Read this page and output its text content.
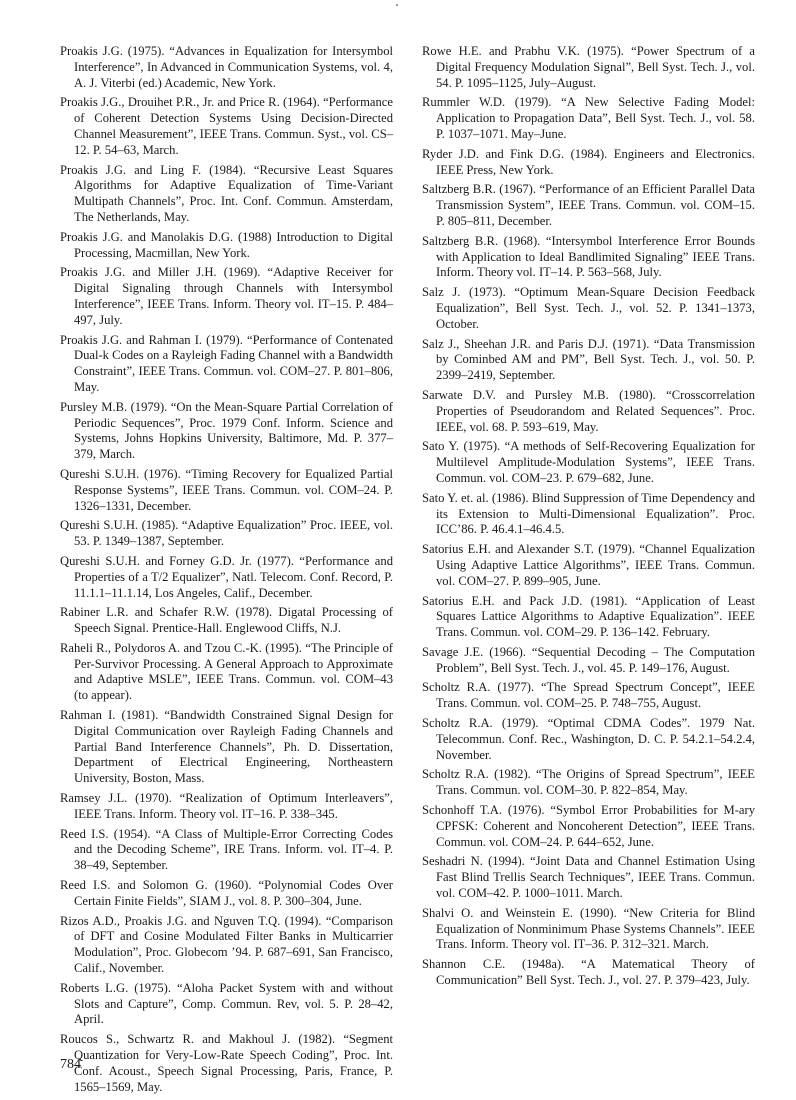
Proakis J.G. (1975). “Advances in Equalization for Intersymbol Interference”, In Advanced in Communication Systems, vol. 4, A. J. Viterbi (ed.) Academic, New York.

Proakis J.G., Drouihet P.R., Jr. and Price R. (1964). “Performance of Coherent Detection Systems Using Decision-Directed Channel Measurement”, IEEE Trans. Commun. Syst., vol. CS–12. P. 54–63, March.

Proakis J.G. and Ling F. (1984). “Recursive Least Squares Algorithms for Adaptive Equalization of Time-Variant Multipath Channels”, Proc. Int. Conf. Commun. Amsterdam, The Netherlands, May.

Proakis J.G. and Manolakis D.G. (1988) Introduction to Digital Processing, Macmillan, New York.

Proakis J.G. and Miller J.H. (1969). “Adaptive Receiver for Digital Signaling through Channels with Intersymbol Interference”, IEEE Trans. Inform. Theory vol. IT–15. P. 484–497, July.

Proakis J.G. and Rahman I. (1979). “Performance of Contenated Dual-k Codes on a Rayleigh Fading Channel with a Bandwidth Constraint”, IEEE Trans. Commun. vol. COM–27. P. 801–806, May.

Pursley M.B. (1979). “On the Mean-Square Partial Correlation of Periodic Sequences”, Proc. 1979 Conf. Inform. Science and Systems, Johns Hopkins University, Baltimore, Md. P. 377–379, March.

Qureshi S.U.H. (1976). “Timing Recovery for Equalized Partial Response Systems”, IEEE Trans. Commun. vol. COM–24. P. 1326–1331, December.

Qureshi S.U.H. (1985). “Adaptive Equalization” Proc. IEEE, vol. 53. P. 1349–1387, September.

Qureshi S.U.H. and Forney G.D. Jr. (1977). “Performance and Properties of a T/2 Equalizer”, Natl. Telecom. Conf. Record, P. 11.1.1–11.1.14, Los Angeles, Calif., December.

Rabiner L.R. and Schafer R.W. (1978). Digatal Processing of Speech Signal. Prentice-Hall. Englewood Cliffs, N.J.

Raheli R., Polydoros A. and Tzou C.-K. (1995). “The Principle of Per-Survivor Processing. A General Approach to Approximate and Adaptive MSLE”, IEEE Trans. Commun. vol. COM–43 (to appear).

Rahman I. (1981). “Bandwidth Constrained Signal Design for Digital Communication over Rayleigh Fading Channels and Partial Band Interference Channels”, Ph. D. Dissertation, Department of Electrical Engineering, Northeastern University, Boston, Mass.

Ramsey J.L. (1970). “Realization of Optimum Interleavers”, IEEE Trans. Inform. Theory vol. IT–16. P. 338–345.

Reed I.S. (1954). “A Class of Multiple-Error Correcting Codes and the Decoding Scheme”, IRE Trans. Inform. vol. IT–4. P. 38–49, September.

Reed I.S. and Solomon G. (1960). “Polynomial Codes Over Certain Finite Fields”, SIAM J., vol. 8. P. 300–304, June.

Rizos A.D., Proakis J.G. and Nguven T.Q. (1994). “Comparison of DFT and Cosine Modulated Filter Banks in Multicarrier Modulation”, Proc. Globecom ’94. P. 687–691, San Francisco, Calif., November.

Roberts L.G. (1975). “Aloha Packet System with and without Slots and Capture”, Comp. Commun. Rev, vol. 5. P. 28–42, April.

Roucos S., Schwartz R. and Makhoul J. (1982). “Segment Quantization for Very-Low-Rate Speech Coding”, Proc. Int. Conf. Acoust., Speech Signal Processing, Paris, France, P. 1565–1569, May.

Rowe H.E. and Prabhu V.K. (1975). “Power Spectrum of a Digital Frequency Modulation Signal”, Bell Syst. Tech. J., vol. 54. P. 1095–1125, July–August.

Rummler W.D. (1979). “A New Selective Fading Model: Application to Propagation Data”, Bell Syst. Tech. J., vol. 58. P. 1037–1071. May–June.

Ryder J.D. and Fink D.G. (1984). Engineers and Electronics. IEEE Press, New York.

Saltzberg B.R. (1967). “Performance of an Efficient Parallel Data Transmission System”, IEEE Trans. Commun. vol. COM–15. P. 805–811, December.

Saltzberg B.R. (1968). “Intersymbol Interference Error Bounds with Application to Ideal Bandlimited Signaling” IEEE Trans. Inform. Theory vol. IT–14. P. 563–568, July.

Salz J. (1973). “Optimum Mean-Square Decision Feedback Equalization”, Bell Syst. Tech. J., vol. 52. P. 1341–1373, October.

Salz J., Sheehan J.R. and Paris D.J. (1971). “Data Transmission by Cominbed AM and PM”, Bell Syst. Tech. J., vol. 50. P. 2399–2419, September.

Sarwate D.V. and Pursley M.B. (1980). “Crosscorrelation Properties of Pseudorandom and Related Sequences”. Proc. IEEE, vol. 68. P. 593–619, May.

Sato Y. (1975). “A methods of Self-Recovering Equalization for Multilevel Amplitude-Modulation Systems”, IEEE Trans. Commun. vol. COM–23. P. 679–682, June.

Sato Y. et. al. (1986). Blind Suppression of Time Dependency and its Extension to Multi-Dimensional Equalization”. Proc. ICC’86. P. 46.4.1–46.4.5.

Satorius E.H. and Alexander S.T. (1979). “Channel Equalization Using Adaptive Lattice Algorithms”, IEEE Trans. Commun. vol. COM–27. P. 899–905, June.

Satorius E.H. and Pack J.D. (1981). “Application of Least Squares Lattice Algorithms to Adaptive Equalization”. IEEE Trans. Commun. vol. COM–29. P. 136–142. February.

Savage J.E. (1966). “Sequential Decoding – The Computation Problem”, Bell Syst. Tech. J., vol. 45. P. 149–176, August.

Scholtz R.A. (1977). “The Spread Spectrum Concept”, IEEE Trans. Commun. vol. COM–25. P. 748–755, August.

Scholtz R.A. (1979). “Optimal CDMA Codes”. 1979 Nat. Telecommun. Conf. Rec., Washington, D. C. P. 54.2.1–54.2.4, November.

Scholtz R.A. (1982). “The Origins of Spread Spectrum”, IEEE Trans. Commun. vol. COM–30. P. 822–854, May.

Schonhoff T.A. (1976). “Symbol Error Probabilities for M-ary CPFSK: Coherent and Noncoherent Detection”, IEEE Trans. Commun. vol. COM–24. P. 644–652, June.

Seshadri N. (1994). “Joint Data and Channel Estimation Using Fast Blind Trellis Search Techniques”, IEEE Trans. Commun. vol. COM–42. P. 1000–1011. March.

Shalvi O. and Weinstein E. (1990). “New Criteria for Blind Equalization of Nonminimum Phase Systems Channels”. IEEE Trans. Inform. Theory vol. IT–36. P. 312–321. March.

Shannon C.E. (1948a). “A Matematical Theory of Communication” Bell Syst. Tech. J., vol. 27. P. 379–423, July.

784
